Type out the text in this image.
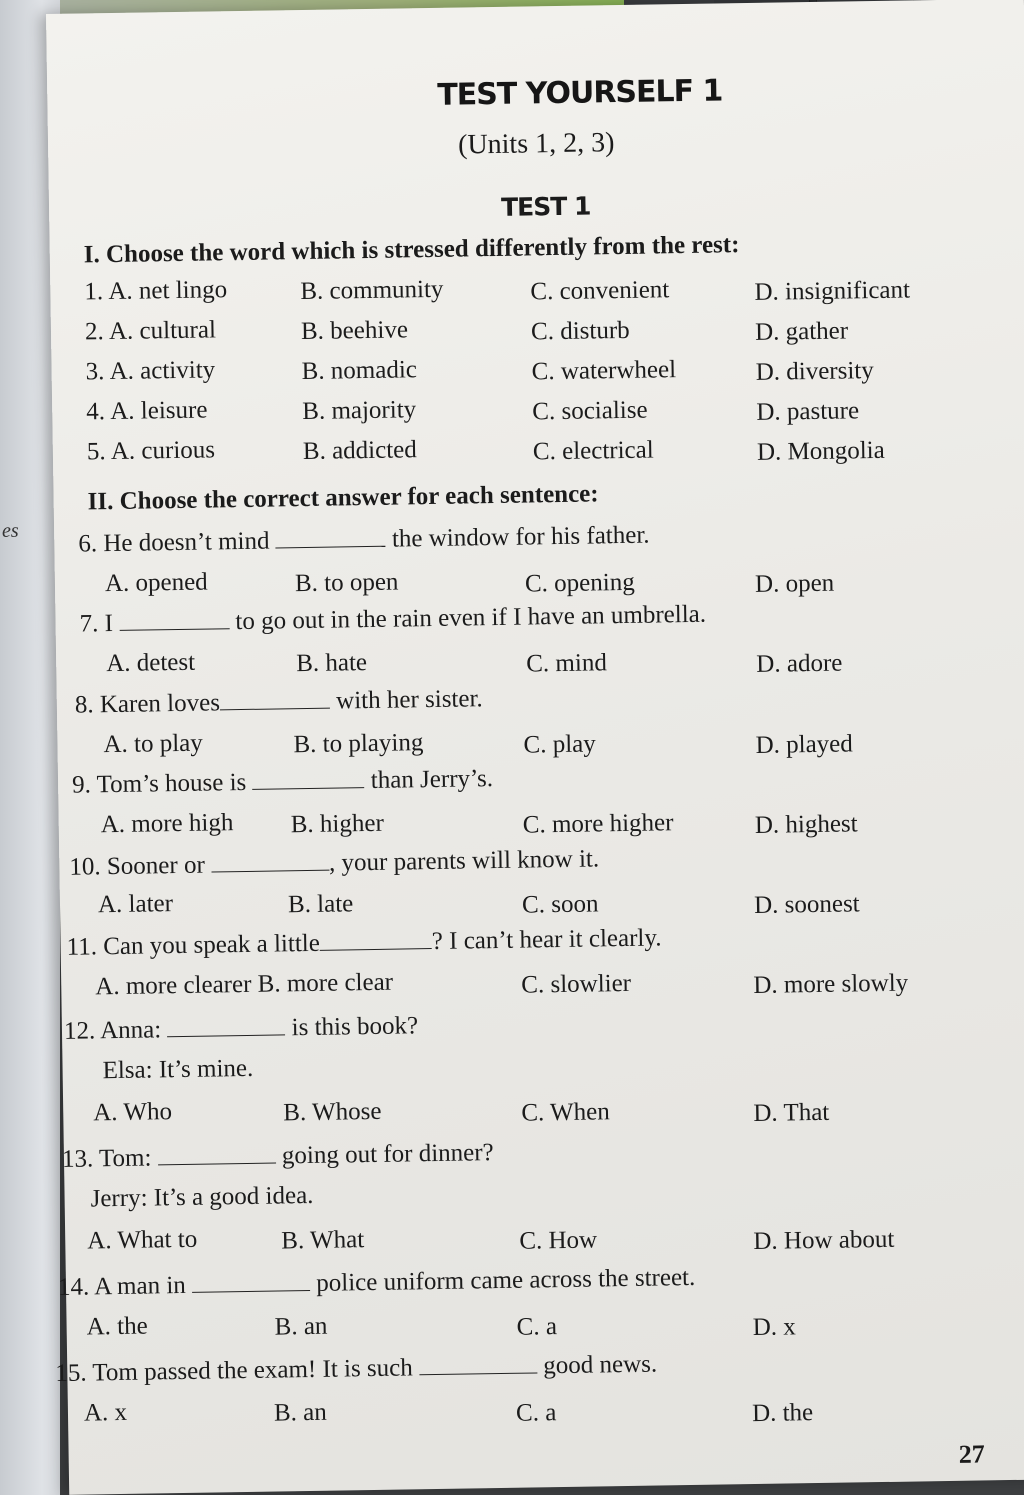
es
TEST YOURSELF 1
(Units 1, 2, 3)
TEST 1
I. Choose the word which is stressed differently from the rest:
1. A. net lingo	B. community	C. convenient	D. insignificant
2. A. cultural	B. beehive	C. disturb	D. gather
3. A. activity	B. nomadic	C. waterwheel	D. diversity
4. A. leisure	B. majority	C. socialise	D. pasture
5. A. curious	B. addicted	C. electrical	D. Mongolia
II. Choose the correct answer for each sentence:
6. He doesn’t mind	the window for his father.
A. opened	B. to open	C. opening	D. open
7. I	to go out in the rain even if I have an umbrella.
A. detest	B. hate	C. mind	D. adore
8. Karen loves	with her sister.
A. to play	B. to playing	C. play	D. played
9. Tom’s house is	than Jerry’s.
A. more high B. higher	C. more higher	D. highest
10. Sooner or	, your parents will know it.
A. later	B. late	C. soon	D. soonest
11. Can you speak a little	? I can’t hear it clearly.
A. more clearer B. more clear	C. slowlier	D. more slowly
12. Anna:	is this book?
Elsa: It’s mine.
A. Who	B. Whose	C. When	D. That
13. Tom:	going out for dinner?
Jerry: It’s a good idea.
A. What to	B. What	C. How	D. How about
14. A man in	police uniform came across the street.
A. the	B. an	C. a	D. x
15. Tom passed the exam! It is such	good news.
A. x	B. an	C. a	D. the
27
